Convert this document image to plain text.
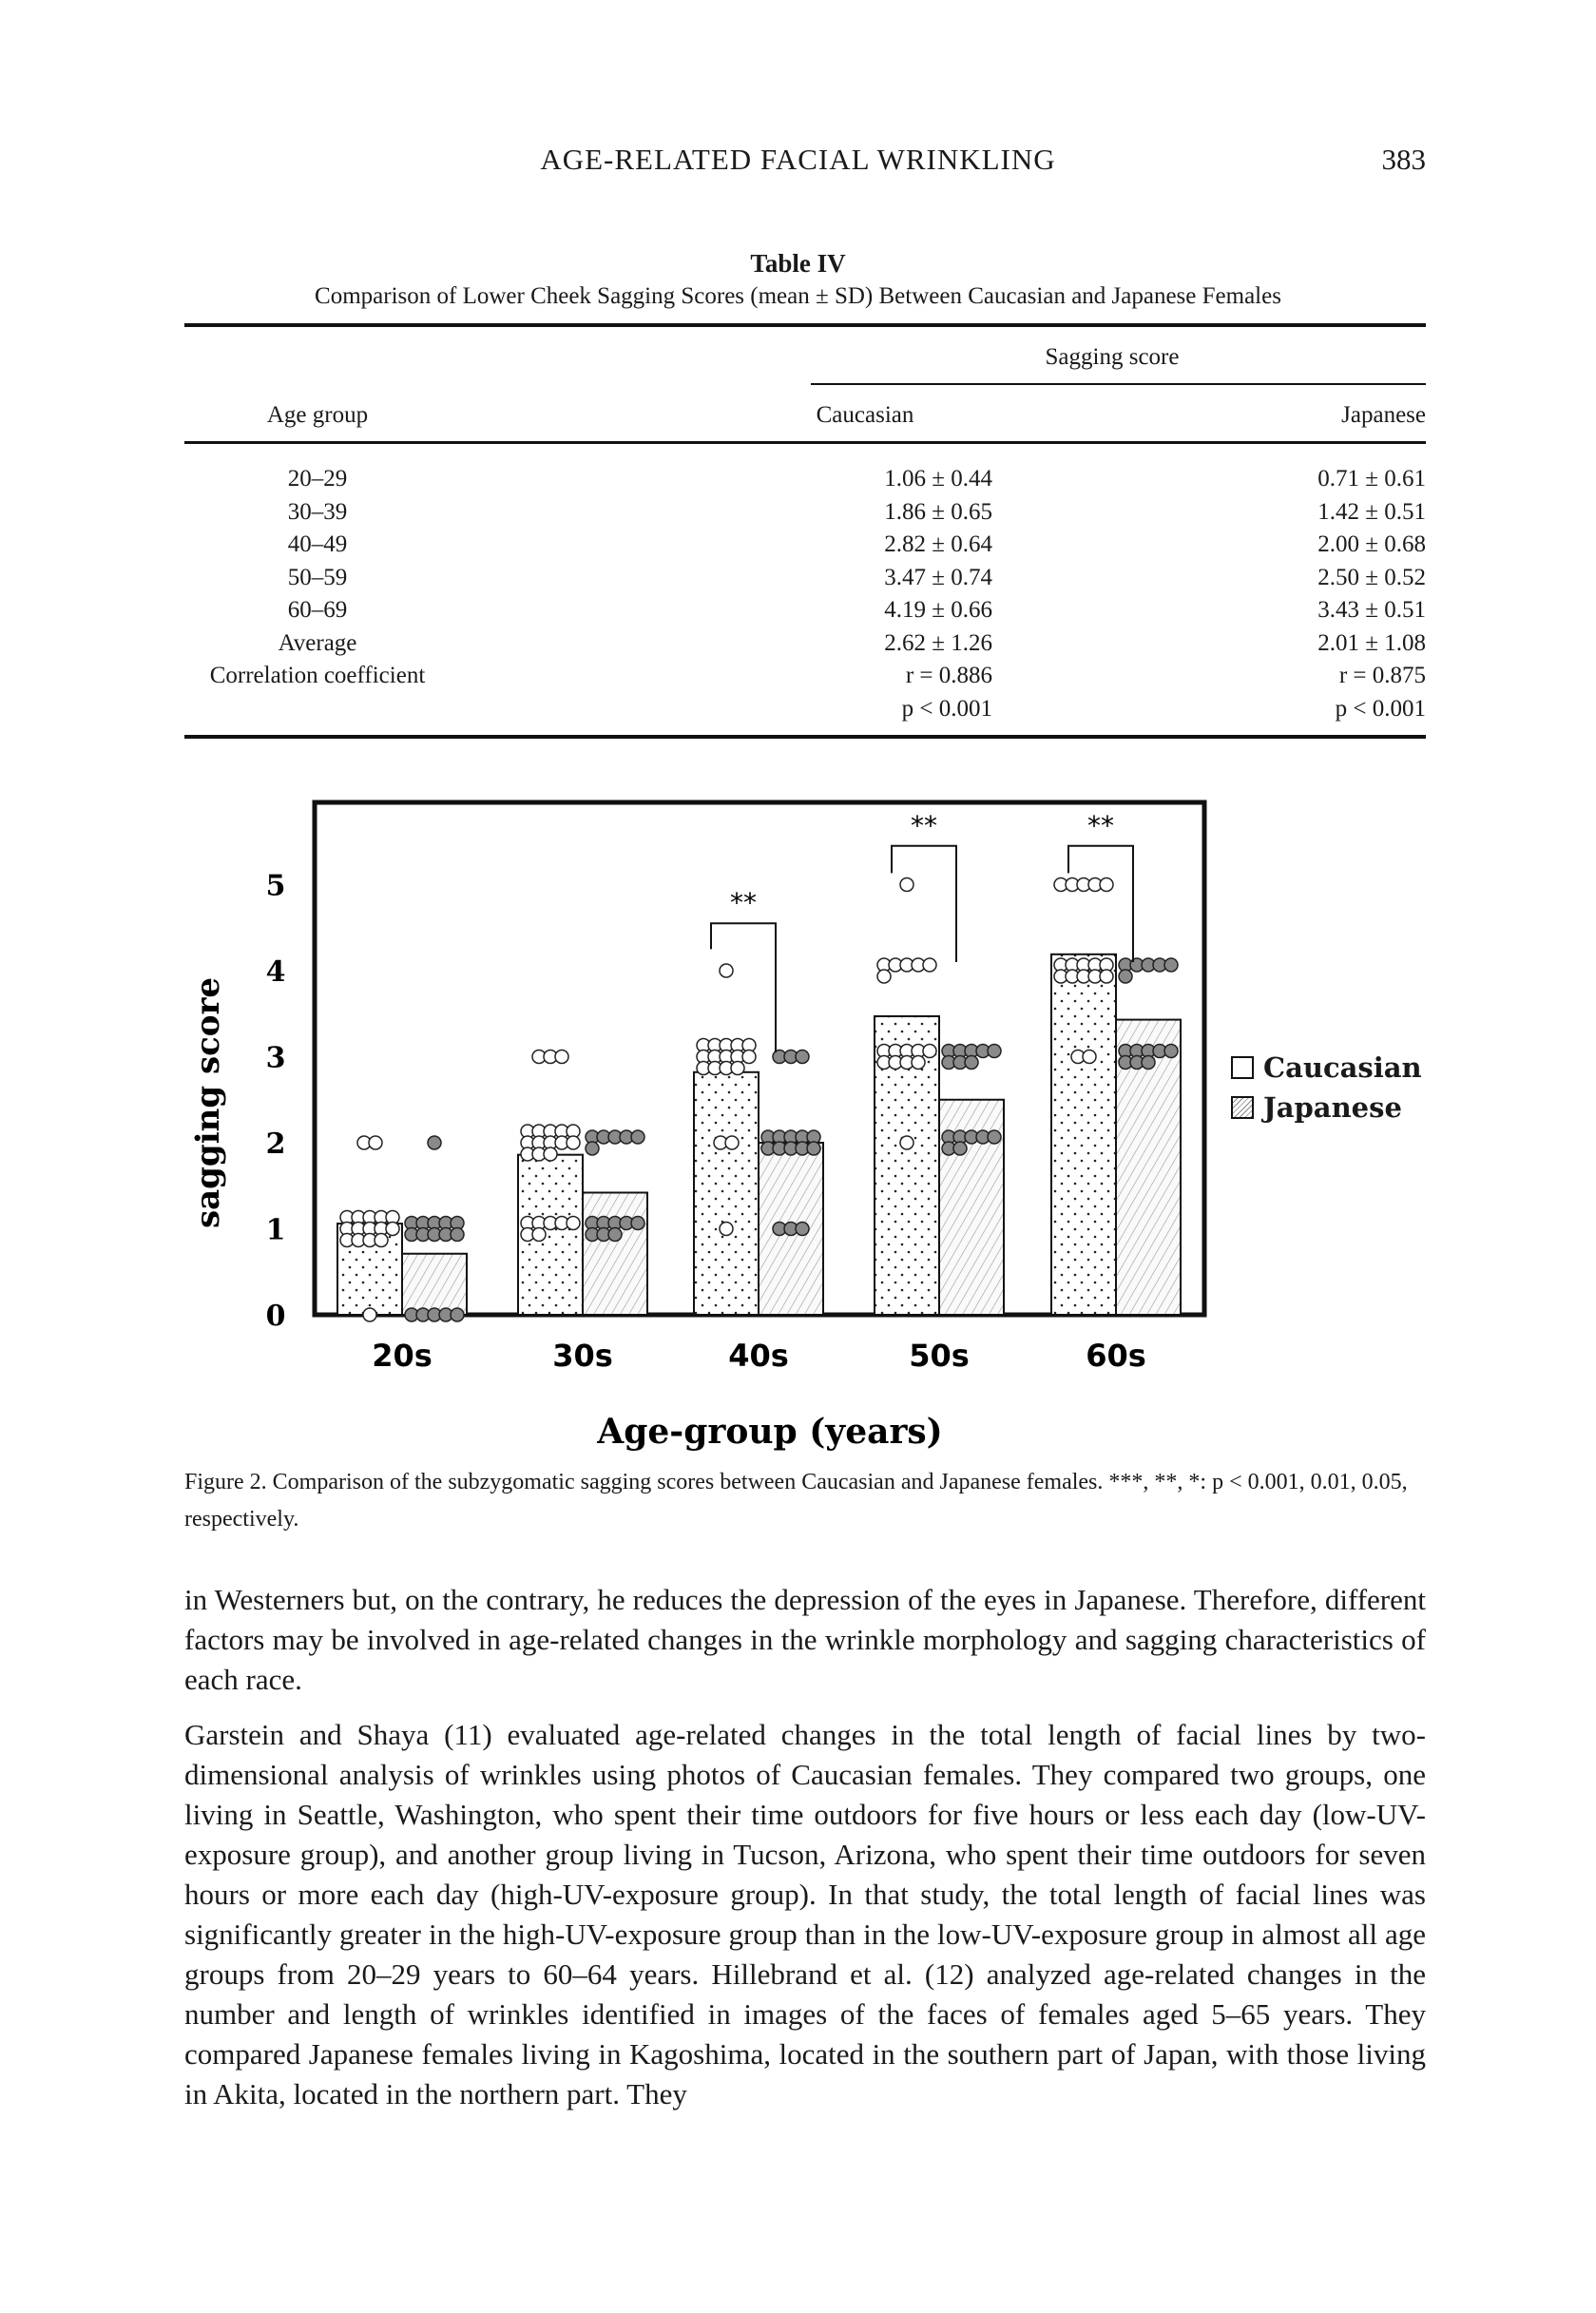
AGE-RELATED FACIAL WRINKLING	383
Table IV
Comparison of Lower Cheek Sagging Scores (mean ± SD) Between Caucasian and Japanese Females
Sagging score
Age group	Caucasian	Japanese
20–29	1.06 ± 0.44	0.71 ± 0.61
30–39	1.86 ± 0.65	1.42 ± 0.51
40–49	2.82 ± 0.64	2.00 ± 0.68
50–59	3.47 ± 0.74	2.50 ± 0.52
60–69	4.19 ± 0.66	3.43 ± 0.51
Average	2.62 ± 1.26	2.01 ± 1.08
Correlation coefficient	r = 0.886	r = 0.875
	p < 0.001	p < 0.001
0
1
2
3
4
5
20s	30s	40s	50s	60s
**
**	**
sagging score
Age-group (years)
Caucasian
Japanese
Figure 2. Comparison of the subzygomatic sagging scores between Caucasian and Japanese females. ***, **, *: p < 0.001, 0.01, 0.05, respectively.
in Westerners but, on the contrary, he reduces the depression of the eyes in Japanese. Therefore, different factors may be involved in age-related changes in the wrinkle morphology and sagging characteristics of each race.
Garstein and Shaya (11) evaluated age-related changes in the total length of facial lines by two-dimensional analysis of wrinkles using photos of Caucasian females. They compared two groups, one living in Seattle, Washington, who spent their time outdoors for five hours or less each day (low-UV-exposure group), and another group living in Tucson, Arizona, who spent their time outdoors for seven hours or more each day (high-UV-exposure group). In that study, the total length of facial lines was significantly greater in the high-UV-exposure group than in the low-UV-exposure group in almost all age groups from 20–29 years to 60–64 years. Hillebrand et al. (12) analyzed age-related changes in the number and length of wrinkles identified in images of the faces of females aged 5–65 years. They compared Japanese females living in Kagoshima, located in the southern part of Japan, with those living in Akita, located in the northern part. They
